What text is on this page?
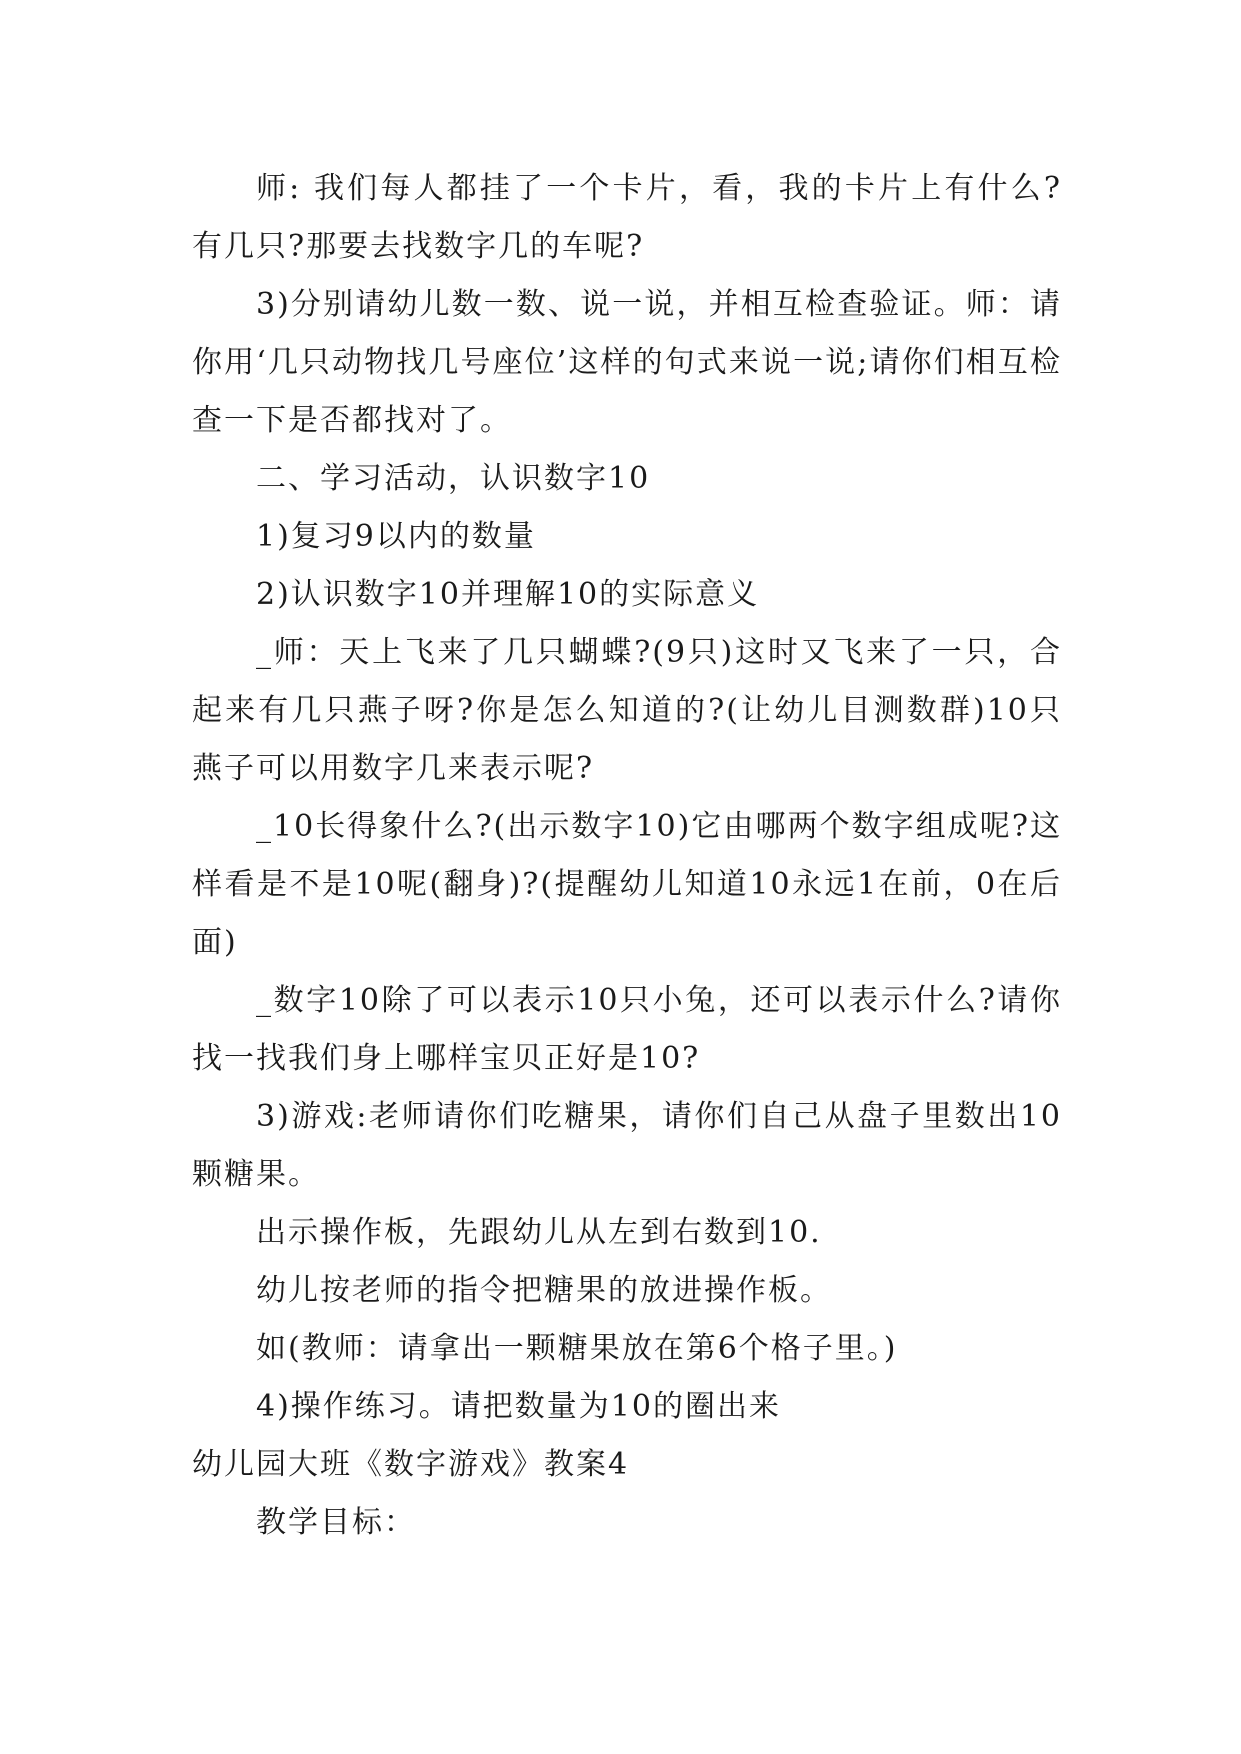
师: 我们每人都挂了一个卡片，看，我的卡片上有什么?有几只?那要去找数字几的车呢?

3)分别请幼儿数一数、说一说，并相互检查验证。师：请你用‘几只动物找几号座位’这样的句式来说一说;请你们相互检查一下是否都找对了。

二、学习活动，认识数字10

1)复习9以内的数量

2)认识数字10并理解10的实际意义

_师：天上飞来了几只蝴蝶?(9只)这时又飞来了一只，合起来有几只燕子呀?你是怎么知道的?(让幼儿目测数群)10只燕子可以用数字几来表示呢?

_10长得象什么?(出示数字10)它由哪两个数字组成呢?这样看是不是10呢(翻身)?(提醒幼儿知道10永远1在前，0在后面)

_数字10除了可以表示10只小兔，还可以表示什么?请你找一找我们身上哪样宝贝正好是10?

3)游戏:老师请你们吃糖果，请你们自己从盘子里数出10颗糖果。

出示操作板，先跟幼儿从左到右数到10.

幼儿按老师的指令把糖果的放进操作板。

如(教师：请拿出一颗糖果放在第6个格子里。)

4)操作练习。请把数量为10的圈出来

幼儿园大班《数字游戏》教案4

教学目标：
